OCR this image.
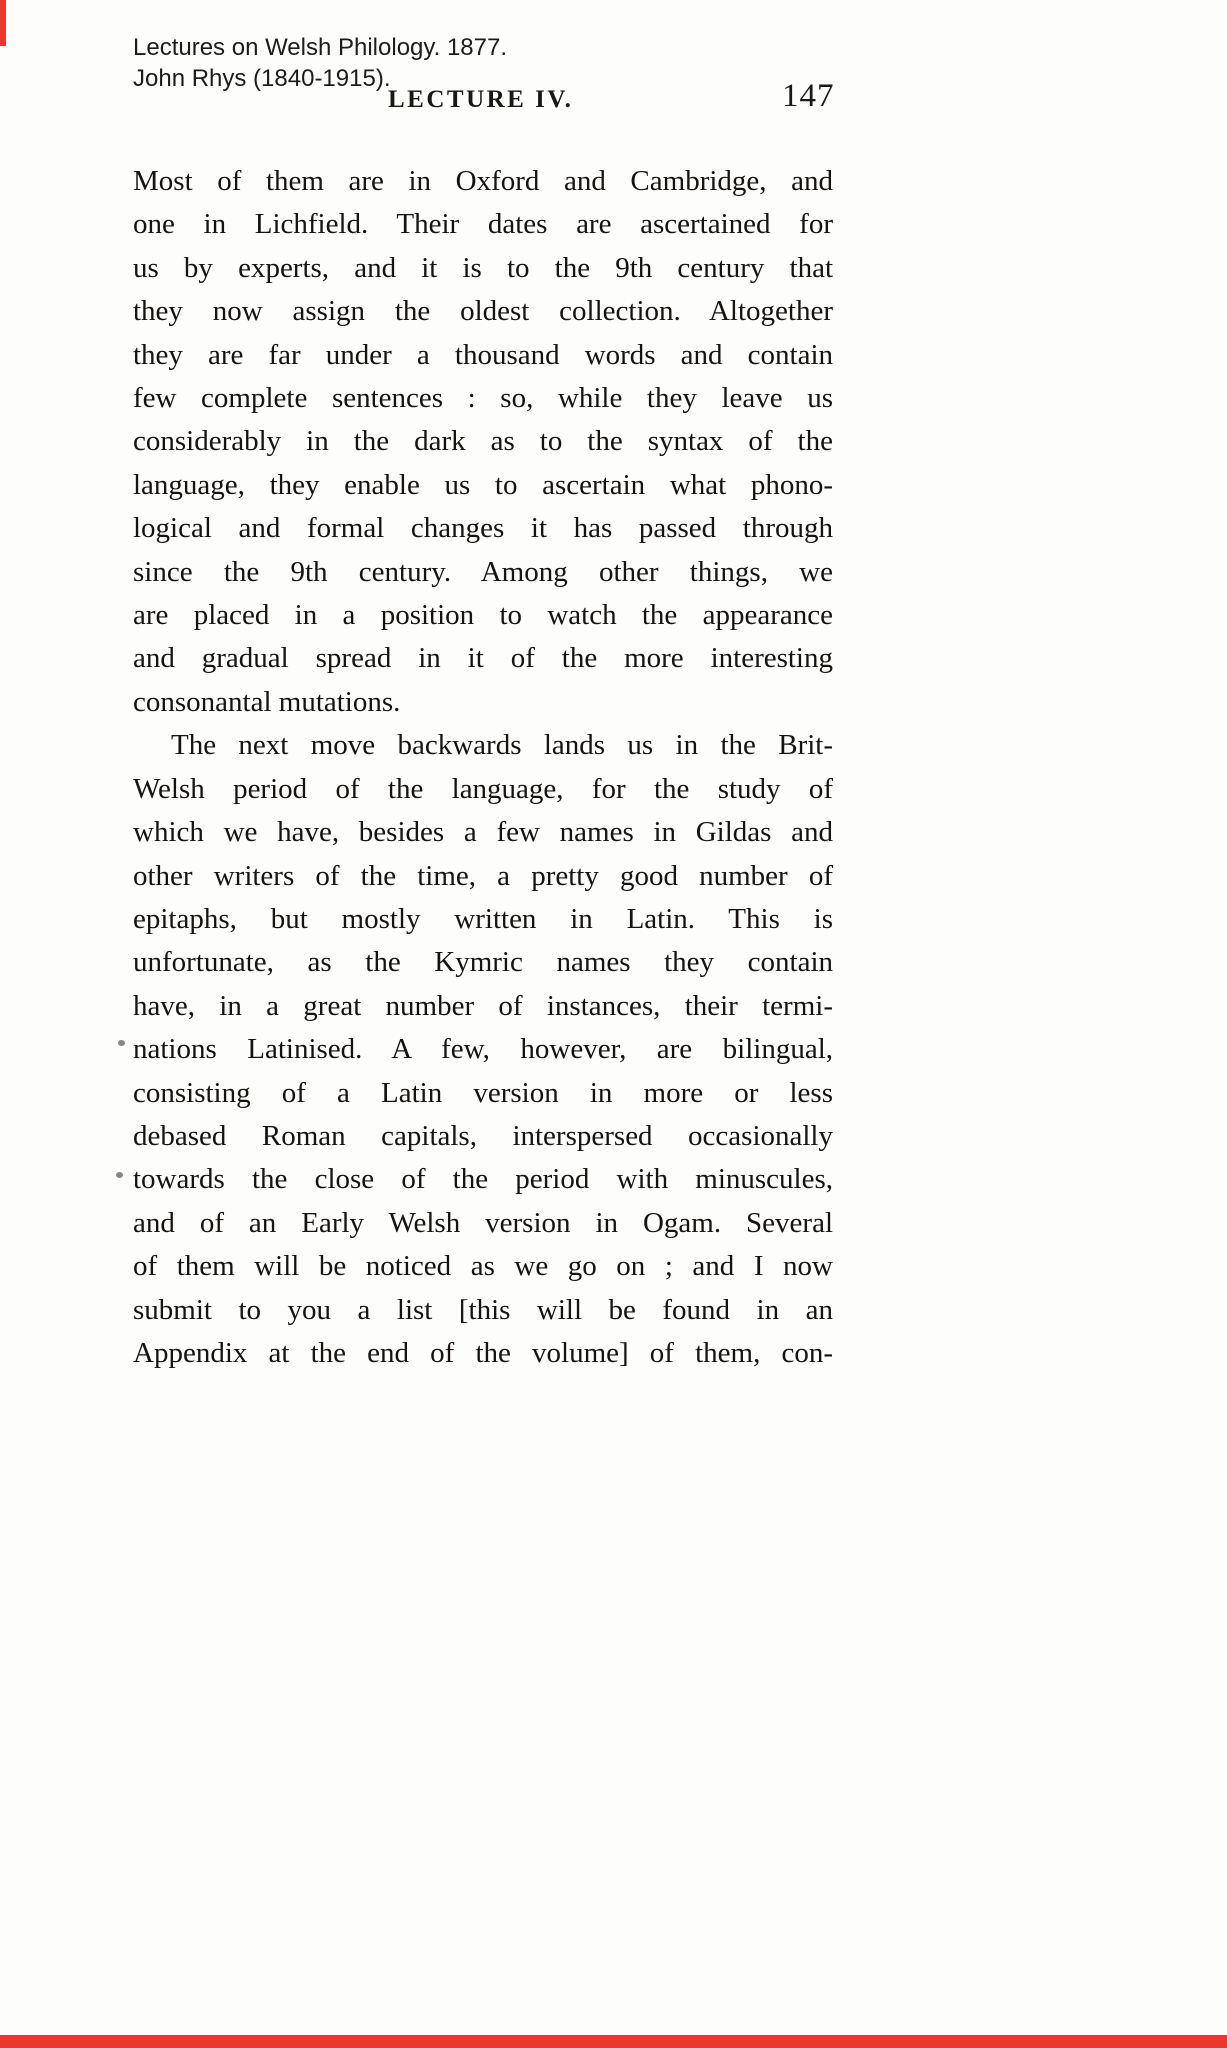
Lectures on Welsh Philology. 1877.
John Rhys (1840-1915).
LECTURE IV.	147
Most of them are in Oxford and Cambridge, and
one in Lichfield. Their dates are ascertained for
us by experts, and it is to the 9th century that
they now assign the oldest collection. Altogether
they are far under a thousand words and contain
few complete sentences : so, while they leave us
considerably in the dark as to the syntax of the
language, they enable us to ascertain what phono-
logical and formal changes it has passed through
since the 9th century. Among other things, we
are placed in a position to watch the appearance
and gradual spread in it of the more interesting
consonantal mutations.
The next move backwards lands us in the Brit-
Welsh period of the language, for the study of
which we have, besides a few names in Gildas and
other writers of the time, a pretty good number of
epitaphs, but mostly written in Latin. This is
unfortunate, as the Kymric names they contain
have, in a great number of instances, their termi-
nations Latinised. A few, however, are bilingual,
consisting of a Latin version in more or less
debased Roman capitals, interspersed occasionally
towards the close of the period with minuscules,
and of an Early Welsh version in Ogam. Several
of them will be noticed as we go on ; and I now
submit to you a list [this will be found in an
Appendix at the end of the volume] of them, con-
